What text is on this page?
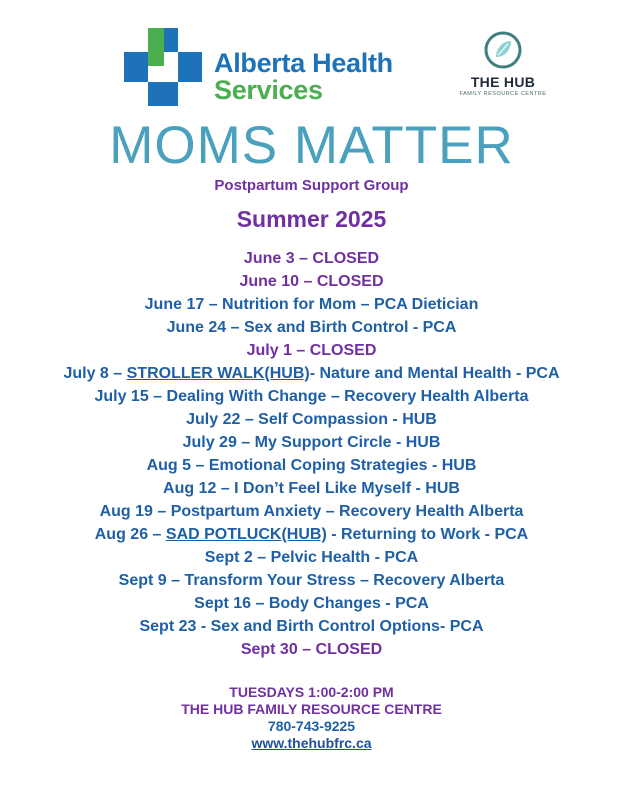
Alberta Health
Services	THE HUB
FAMILY RESOURCE CENTRE
MOMS MATTER
Postpartum Support Group
Summer 2025
June 3 – CLOSED
June 10 – CLOSED
June 17 – Nutrition for Mom – PCA Dietician
June 24 – Sex and Birth Control - PCA
July 1 – CLOSED
July 8 – STROLLER WALK(HUB)- Nature and Mental Health - PCA
July 15 – Dealing With Change – Recovery Health Alberta
July 22 – Self Compassion - HUB
July 29 – My Support Circle - HUB
Aug 5 – Emotional Coping Strategies - HUB
Aug 12 – I Don’t Feel Like Myself - HUB
Aug 19 – Postpartum Anxiety – Recovery Health Alberta
Aug 26 – SAD POTLUCK(HUB) - Returning to Work - PCA
Sept 2 – Pelvic Health - PCA
Sept 9 – Transform Your Stress – Recovery Alberta
Sept 16 – Body Changes - PCA
Sept 23 - Sex and Birth Control Options- PCA
Sept 30 – CLOSED
TUESDAYS 1:00-2:00 PM
THE HUB FAMILY RESOURCE CENTRE
780-743-9225
www.thehubfrc.ca
